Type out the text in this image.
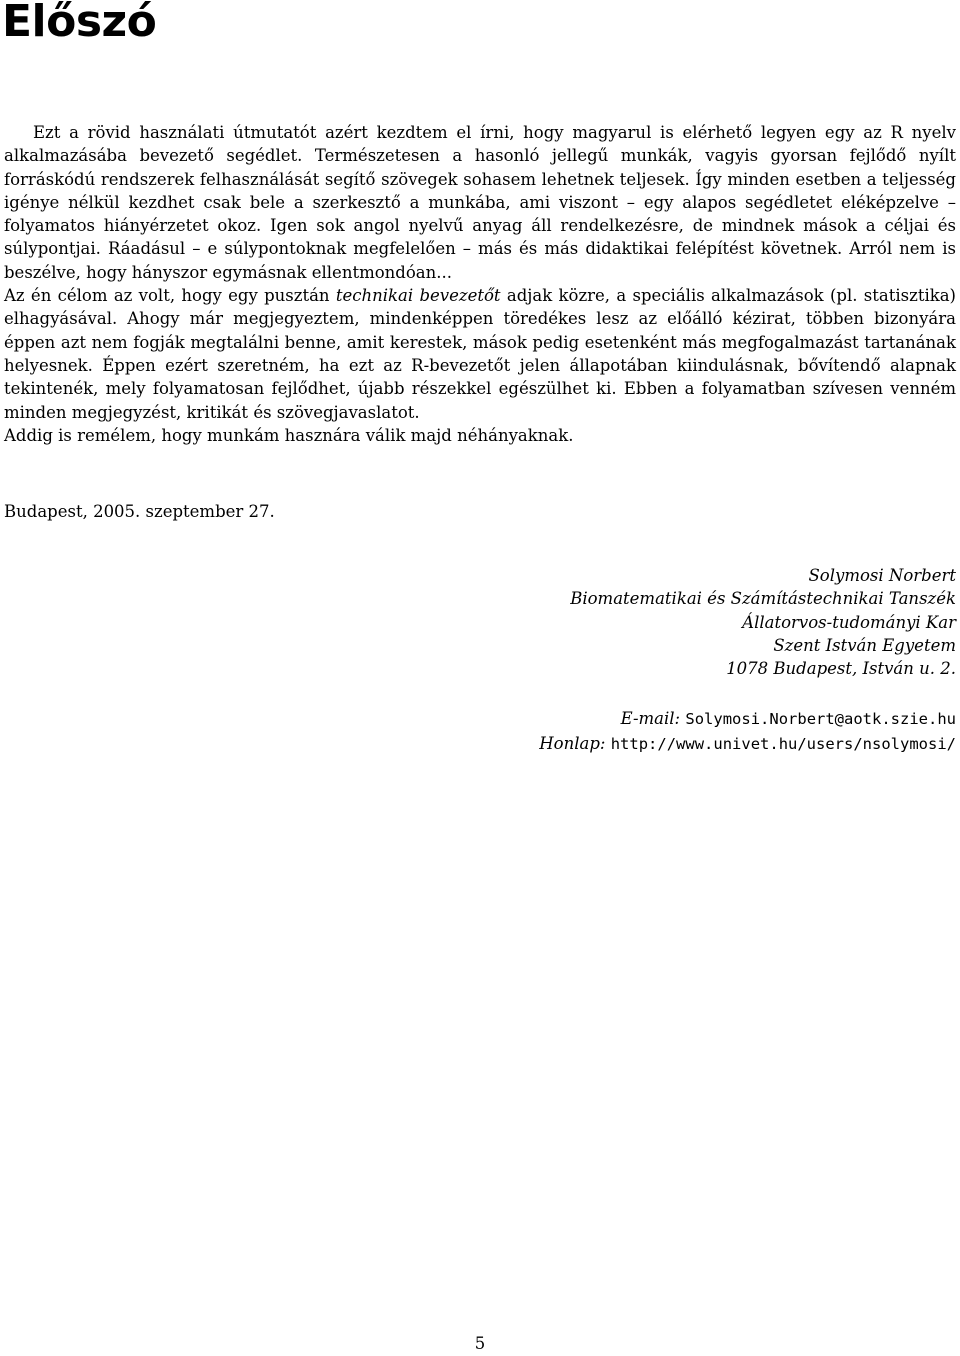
Előszó

Ezt a rövid használati útmutatót azért kezdtem el írni, hogy magyarul is elérhető legyen egy az R nyelv alkalmazásába bevezető segédlet. Természetesen a hasonló jellegű munkák, vagyis gyorsan fejlődő nyílt forráskódú rendszerek felhasználását segítő szövegek sohasem lehetnek teljesek. Így minden esetben a teljesség igénye nélkül kezdhet csak bele a szerkesztő a munkába, ami viszont – egy alapos segédletet eléképzelve – folyamatos hiányérzetet okoz. Igen sok angol nyelvű anyag áll rendelkezésre, de mindnek mások a céljai és súlypontjai. Ráadásul – e súlypontoknak megfelelően – más és más didaktikai felépítést követnek. Arról nem is beszélve, hogy hányszor egymásnak ellentmondóan...

Az én célom az volt, hogy egy pusztán technikai bevezetőt adjak közre, a speciális alkalmazások (pl. statisztika) elhagyásával. Ahogy már megjegyeztem, mindenképpen töredékes lesz az előálló kézirat, többen bizonyára éppen azt nem fogják megtalálni benne, amit kerestek, mások pedig esetenként más megfogalmazást tartanának helyesnek. Éppen ezért szeretném, ha ezt az R-bevezetőt jelen állapotában kiindulásnak, bővítendő alapnak tekintenék, mely folyamatosan fejlődhet, újabb részekkel egészülhet ki. Ebben a folyamatban szívesen venném minden megjegyzést, kritikát és szövegjavaslatot.

Addig is remélem, hogy munkám hasznára válik majd néhányaknak.

Budapest, 2005. szeptember 27.
Solymosi Norbert
Biomatematikai és Számítástechnikai Tanszék
Állatorvos-tudományi Kar
Szent István Egyetem
1078 Budapest, István u. 2.
E-mail: Solymosi.Norbert@aotk.szie.hu
Honlap: http://www.univet.hu/users/nsolymosi/
5
